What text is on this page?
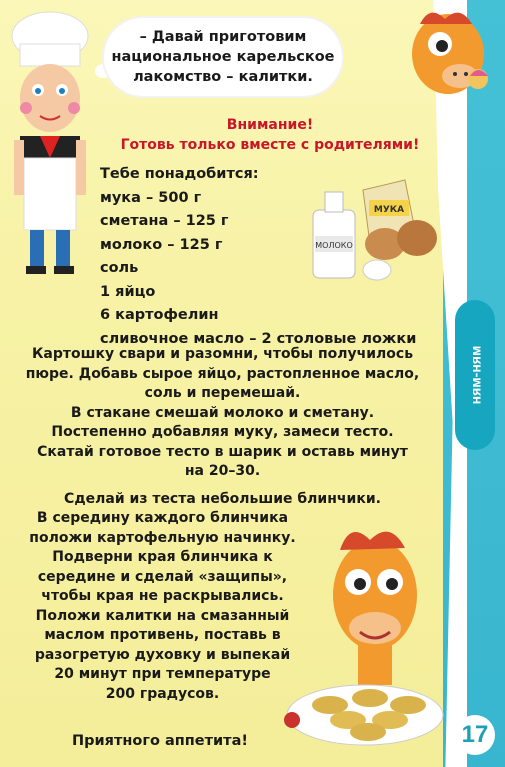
ням-ням
17
– Давай приготовим
национальное карельское
лакомство – калитки.
Внимание!
Готовь только вместе с родителями!
Тебе понадобится:
мука – 500 г
сметана – 125 г
молоко – 125 г
соль
1 яйцо
6 картофелин
сливочное масло – 2 столовые ложки
МОЛОКО
МУКА
Картошку свари и разомни, чтобы получилось
пюре. Добавь сырое яйцо, растопленное масло,
соль и перемешай.
В стакане смешай молоко и сметану.
Постепенно добавляя муку, замеси тесто.
Скатай готовое тесто в шарик и оставь минут
на 20–30.
Сделай из теста небольшие блинчики.
В середину каждого блинчика
положи картофельную начинку.
Подверни края блинчика к
середине и сделай «защипы»,
чтобы края не раскрывались.
Положи калитки на смазанный
маслом противень, поставь в
разогретую духовку и выпекай
20 минут при температуре
200 градусов.
Приятного аппетита!
